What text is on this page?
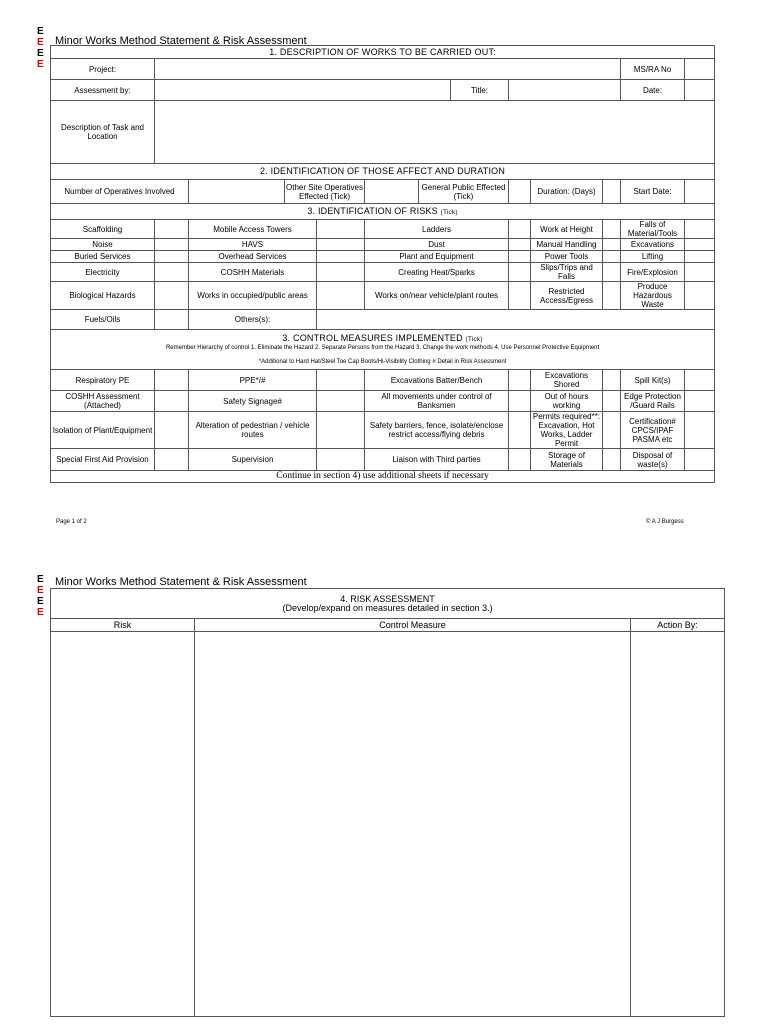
E
E
E
E
Minor Works Method Statement & Risk Assessment
1. DESCRIPTION OF WORKS TO BE CARRIED OUT:												
Project:											MS/RA No	
Assessment by:							Title:				Date:	
Description of Task and Location												
2. IDENTIFICATION OF THOSE AFFECT AND DURATION												
Number of Operatives Involved			Other Site Operatives Effected (Tick)			General Public Effected (Tick)			Duration: (Days)		Start Date:	
3. IDENTIFICATION OF RISKS (Tick)												
Scaffolding		Mobile Access Towers			Ladders				Work at Height		Falls of Material/Tools	
Noise		HAVS			Dust				Manual Handling		Excavations	
Buried Services		Overhead Services			Plant and Equipment				Power Tools		Lifting	
Electricity		COSHH Materials			Creating Heat/Sparks				Slips/Trips and Falls		Fire/Explosion	
Biological Hazards		Works in occupied/public areas			Works on/near vehicle/plant routes				Restricted Access/Egress		Produce Hazardous Waste	
Fuels/Oils		Others(s):										

3. CONTROL MEASURES IMPLEMENTED (Tick)
Remember Hierarchy of control 1. Eliminate the Hazard 2. Separate Persons from the Hazard 3. Change the work methods 4. Use Personnel Protective Equipment
*Additional to Hard Hat/Steel Toe Cap Boots/Hi-Visibility Clothing # Detail in Risk Assessment												

Respiratory PE		PPE*/#			Excavations Batter/Bench				Excavations Shored		Spill Kit(s)	
COSHH Assessment (Attached)		Safety Signage#			All movements under control of Banksmen				Out of hours working		Edge Protection /Guard Rails	
Isolation of Plant/Equipment		Alteration of pedestrian / vehicle routes			Safety barriers, fence, isolate/enclose restrict access/flying debris				Permits required**: Excavation, Hot Works, Ladder Permit		Certification# CPCS/IPAF PASMA etc	
Special First Aid Provision		Supervision			Liaison with Third parties				Storage of Materials		Disposal of waste(s)	
Continue in section 4) use additional sheets if necessary												
Page 1 of 2	© A J Burgess
E
E
E
E
Minor Works Method Statement & Risk Assessment
4. RISK ASSESSMENT
(Develop/expand on measures detailed in section 3.)		

Risk	Control Measure	Action By:
